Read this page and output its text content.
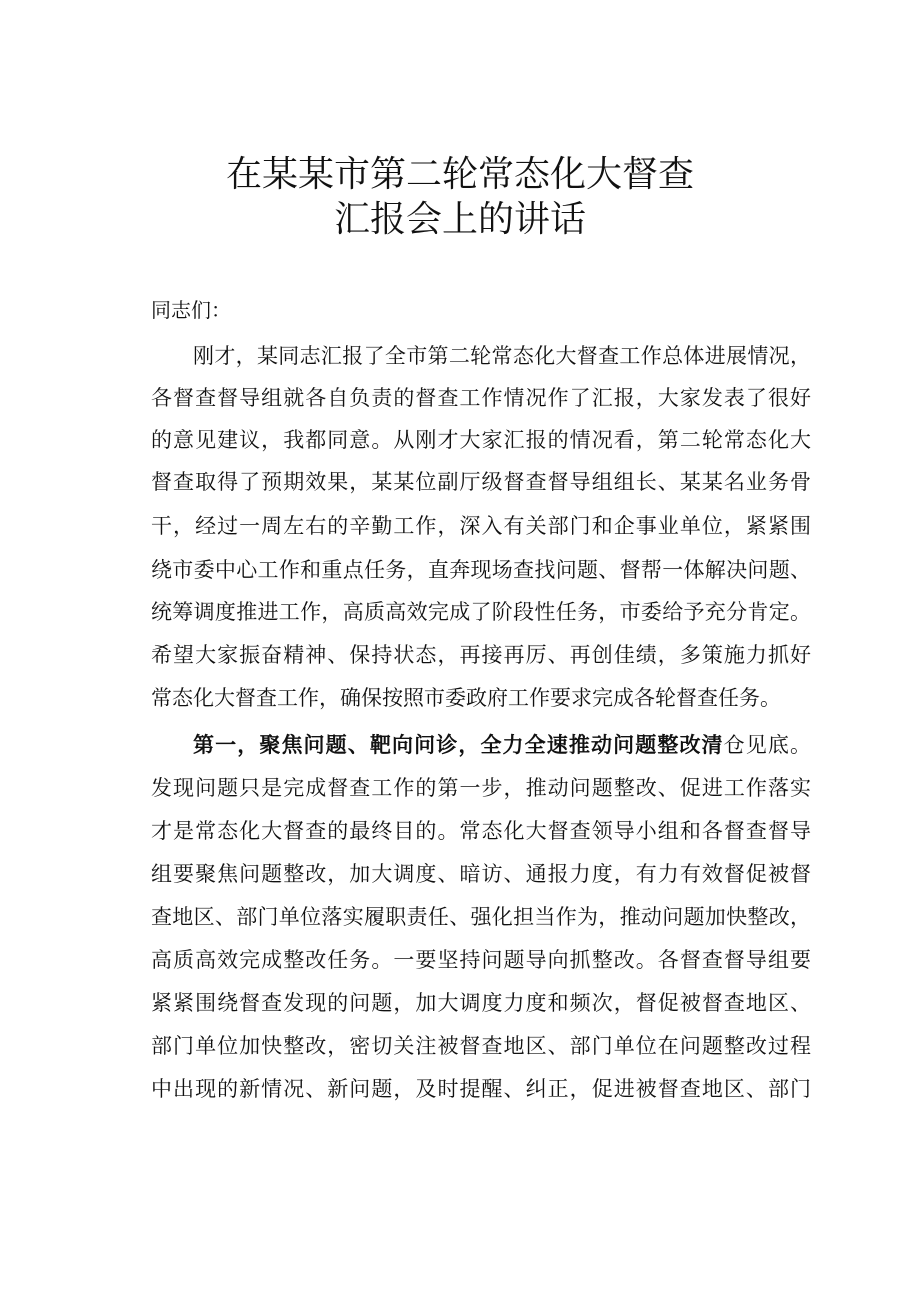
在某某市第二轮常态化大督查
汇报会上的讲话
同志们：
刚才，某同志汇报了全市第二轮常态化大督查工作总体进展情况，
各督查督导组就各自负责的督查工作情况作了汇报，大家发表了很好
的意见建议，我都同意。从刚才大家汇报的情况看，第二轮常态化大
督查取得了预期效果，某某位副厅级督查督导组组长、某某名业务骨
干，经过一周左右的辛勤工作，深入有关部门和企事业单位，紧紧围
绕市委中心工作和重点任务，直奔现场查找问题、督帮一体解决问题、
统筹调度推进工作，高质高效完成了阶段性任务，市委给予充分肯定。
希望大家振奋精神、保持状态，再接再厉、再创佳绩，多策施力抓好
常态化大督査工作，确保按照市委政府工作要求完成各轮督查任务。
第一，聚焦问题、靶向问诊，全力全速推动问题整改清仓见底。
发现问题只是完成督查工作的第一步，推动问题整改、促进工作落实
才是常态化大督查的最终目的。常态化大督查领导小组和各督查督导
组要聚焦问题整改，加大调度、暗访、通报力度，有力有效督促被督
查地区、部门单位落实履职责任、强化担当作为，推动问题加快整改，
高质高效完成整改任务。一要坚持问题导向抓整改。各督查督导组要
紧紧围绕督查发现的问题，加大调度力度和频次，督促被督查地区、
部门单位加快整改，密切关注被督查地区、部门单位在问题整改过程
中出现的新情况、新问题，及时提醒、纠正，促进被督查地区、部门
